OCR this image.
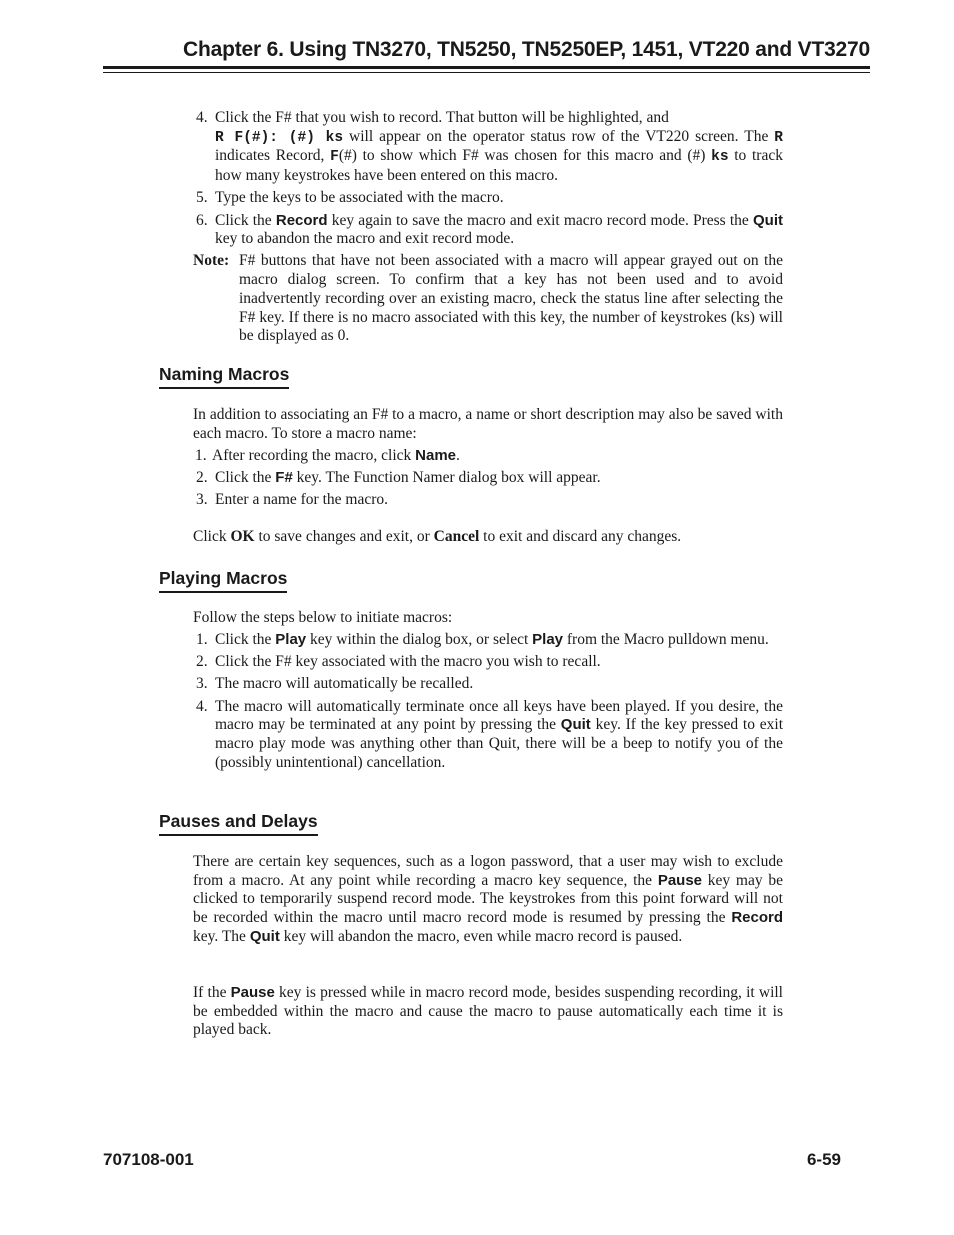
Chapter 6. Using TN3270, TN5250, TN5250EP, 1451, VT220 and VT3270
4. Click the F# that you wish to record. That button will be highlighted, and
R F(#): (#) ks will appear on the operator status row of the VT220 screen. The R indicates Record, F(#) to show which F# was chosen for this macro and (#) ks to track how many keystrokes have been entered on this macro.
5. Type the keys to be associated with the macro.
6. Click the Record key again to save the macro and exit macro record mode. Press the Quit key to abandon the macro and exit record mode.
Note: F# buttons that have not been associated with a macro will appear grayed out on the macro dialog screen. To confirm that a key has not been used and to avoid inadvertently recording over an existing macro, check the status line after selecting the F# key. If there is no macro associated with this key, the number of keystrokes (ks) will be displayed as 0.
Naming Macros
In addition to associating an F# to a macro, a name or short description may also be saved with each macro. To store a macro name:
1. After recording the macro, click Name.
2. Click the F# key. The Function Namer dialog box will appear.
3. Enter a name for the macro.
Click OK to save changes and exit, or Cancel to exit and discard any changes.
Playing Macros
Follow the steps below to initiate macros:
1. Click the Play key within the dialog box, or select Play from the Macro pulldown menu.
2. Click the F# key associated with the macro you wish to recall.
3. The macro will automatically be recalled.
4. The macro will automatically terminate once all keys have been played. If you desire, the macro may be terminated at any point by pressing the Quit key. If the key pressed to exit macro play mode was anything other than Quit, there will be a beep to notify you of the (possibly unintentional) cancellation.
Pauses and Delays
There are certain key sequences, such as a logon password, that a user may wish to exclude from a macro. At any point while recording a macro key sequence, the Pause key may be clicked to temporarily suspend record mode. The keystrokes from this point forward will not be recorded within the macro until macro record mode is resumed by pressing the Record key. The Quit key will abandon the macro, even while macro record is paused.
If the Pause key is pressed while in macro record mode, besides suspending recording, it will be embedded within the macro and cause the macro to pause automatically each time it is played back.
707108-001	6-59
